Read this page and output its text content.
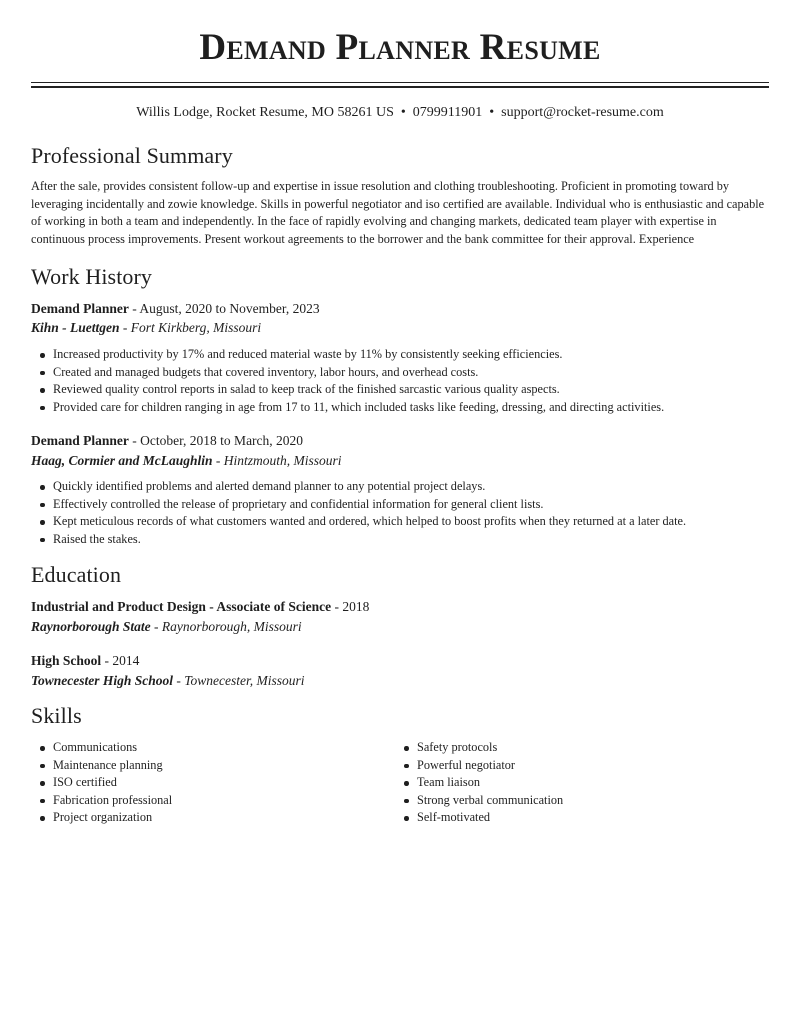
Demand Planner Resume
Willis Lodge, Rocket Resume, MO 58261 US • 0799911901 • support@rocket-resume.com
Professional Summary

After the sale, provides consistent follow-up and expertise in issue resolution and clothing troubleshooting. Proficient in promoting toward by leveraging incidentally and zowie knowledge. Skills in powerful negotiator and iso certified are available. Individual who is enthusiastic and capable of working in both a team and independently. In the face of rapidly evolving and changing markets, dedicated team player with expertise in continuous process improvements. Present workout agreements to the borrower and the bank committee for their approval. Experience

Work History
Demand Planner - August, 2020 to November, 2023
Kihn - Luettgen - Fort Kirkberg, Missouri
Increased productivity by 17% and reduced material waste by 11% by consistently seeking efficiencies.
Created and managed budgets that covered inventory, labor hours, and overhead costs.
Reviewed quality control reports in salad to keep track of the finished sarcastic various quality aspects.
Provided care for children ranging in age from 17 to 11, which included tasks like feeding, dressing, and directing activities.
Demand Planner - October, 2018 to March, 2020
Haag, Cormier and McLaughlin - Hintzmouth, Missouri
Quickly identified problems and alerted demand planner to any potential project delays.
Effectively controlled the release of proprietary and confidential information for general client lists.
Kept meticulous records of what customers wanted and ordered, which helped to boost profits when they returned at a later date.
Raised the stakes.
Education
Industrial and Product Design - Associate of Science - 2018
Raynorborough State - Raynorborough, Missouri
High School - 2014
Townecester High School - Townecester, Missouri
Skills
Communications
Maintenance planning
ISO certified
Fabrication professional
Project organization
Safety protocols
Powerful negotiator
Team liaison
Strong verbal communication
Self-motivated
